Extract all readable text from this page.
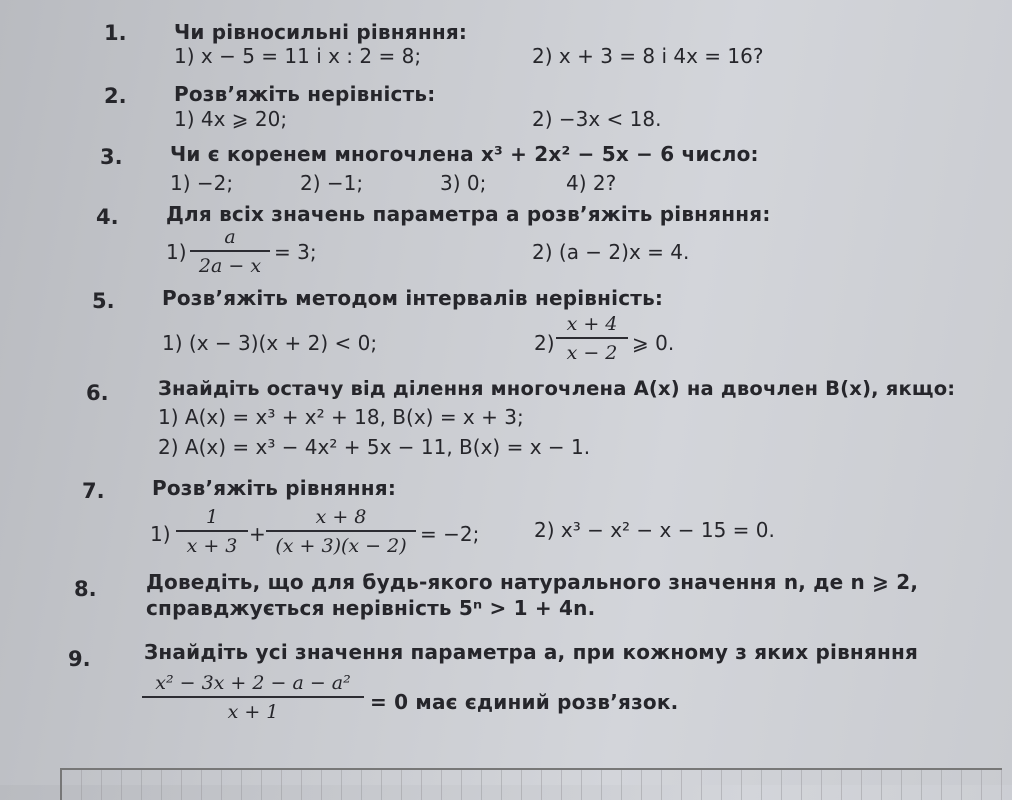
1. Чи рівносильні рівняння:
1) x − 5 = 11 і x : 2 = 8;	2) x + 3 = 8 і 4x = 16?
2. Розв’яжіть нерівність:
1) 4x ⩾ 20;	2) −3x < 18.
3. Чи є коренем многочлена x³ + 2x² − 5x − 6 число:
1) −2;	2) −1;	3) 0;	4) 2?
4. Для всіх значень параметра a розв’яжіть рівняння:
1)
a
2a − x
= 3;	2) (a − 2)x = 4.
5. Розв’яжіть методом інтервалів нерівність:
1) (x − 3)(x + 2) < 0;	2)
x + 4
x − 2 ⩾ 0.
6.	Знайдіть остачу від ділення многочлена A(x) на двочлен B(x), якщо:
1) A(x) = x³ + x² + 18, B(x) = x + 3;
2) A(x) = x³ − 4x² + 5x − 11, B(x) = x − 1.
7. Розв’яжіть рівняння:
1)
1
x + 3 +
x + 8
(x + 3)(x − 2) = −2;	2) x³ − x² − x − 15 = 0.
8. Доведіть, що для будь-якого натурального значення n, де n ⩾ 2,
справджується нерівність 5ⁿ > 1 + 4n.
9.	Знайдіть усі значення параметра a, при кожному з яких рівняння
x² − 3x + 2 − a − a²
x + 1	= 0 має єдиний розв’язок.
